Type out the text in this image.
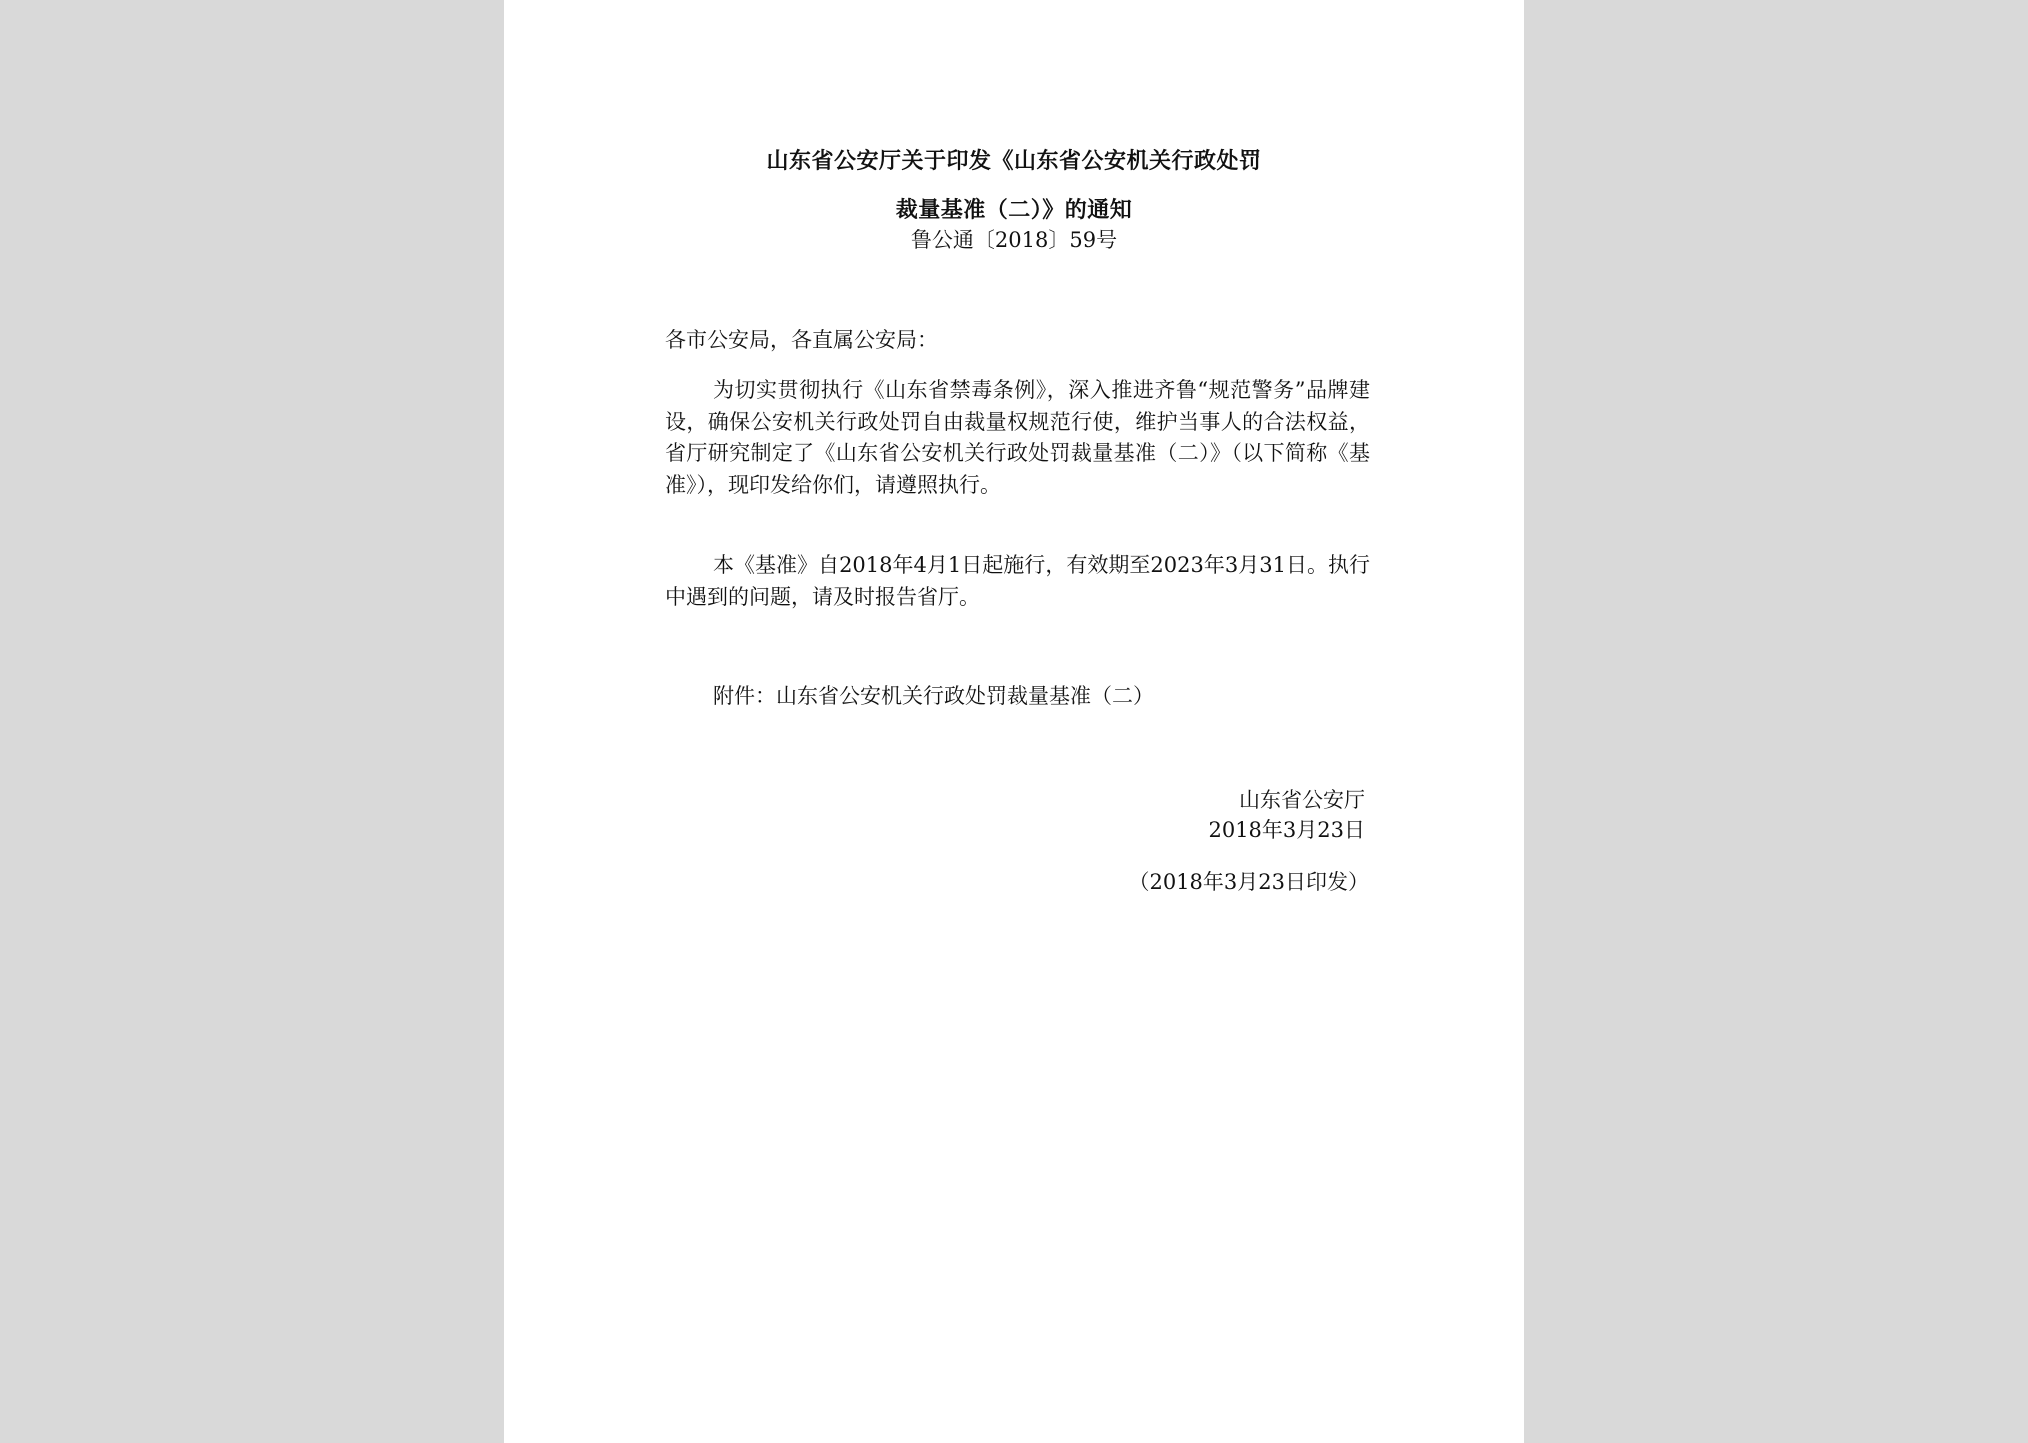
山东省公安厅关于印发《山东省公安机关行政处罚
裁量基准（二）》的通知
鲁公通〔2018〕59号
各市公安局，各直属公安局：
为切实贯彻执行《山东省禁毒条例》，深入推进齐鲁“规范警务”品牌建设，确保公安机关行政处罚自由裁量权规范行使，维护当事人的合法权益，省厅研究制定了《山东省公安机关行政处罚裁量基准（二）》（以下简称《基准》），现印发给你们，请遵照执行。
本《基准》自2018年4月1日起施行，有效期至2023年3月31日。执行中遇到的问题，请及时报告省厅。
附件：山东省公安机关行政处罚裁量基准（二）
山东省公安厅
2018年3月23日
（2018年3月23日印发）
